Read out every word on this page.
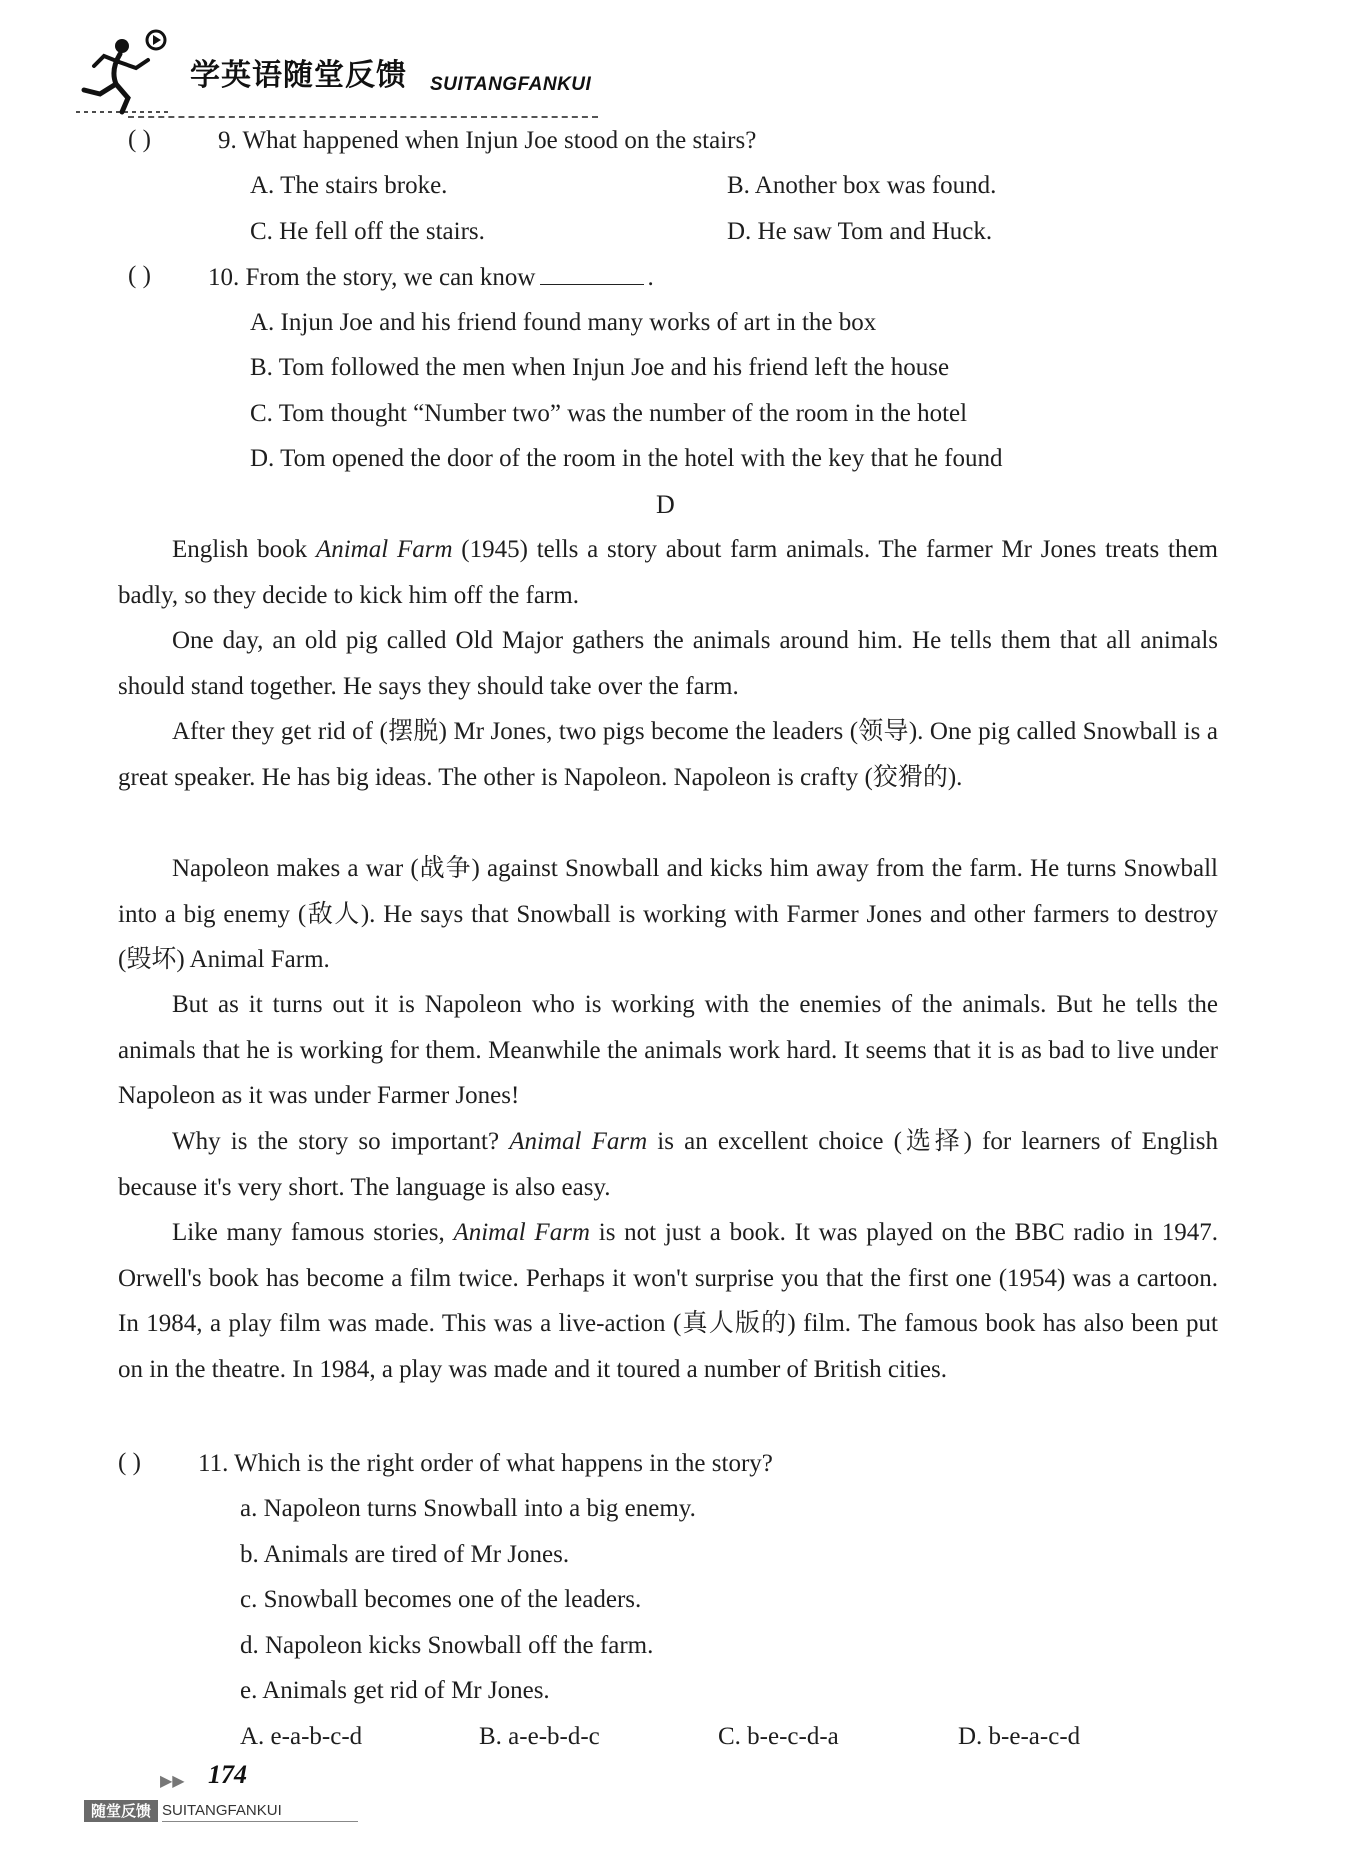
学英语随堂反馈 SUITANGFANKUI
( )	9. What happened when Injun Joe stood on the stairs?
A. The stairs broke.	B. Another box was found.
C. He fell off the stairs.	D. He saw Tom and Huck.
( ) 10. From the story, we can know	.
A. Injun Joe and his friend found many works of art in the box
B. Tom followed the men when Injun Joe and his friend left the house
C. Tom thought “Number two” was the number of the room in the hotel
D. Tom opened the door of the room in the hotel with the key that he found
D
English book Animal Farm (1945) tells a story about farm animals. The farmer Mr Jones treats them badly, so they decide to kick him off the farm.
One day, an old pig called Old Major gathers the animals around him. He tells them that all animals should stand together. He says they should take over the farm.
After they get rid of (摆脱) Mr Jones, two pigs become the leaders (领导). One pig called Snowball is a great speaker. He has big ideas. The other is Napoleon. Napoleon is crafty (狡猾的).
Napoleon makes a war (战争) against Snowball and kicks him away from the farm. He turns Snowball into a big enemy (敌人). He says that Snowball is working with Farmer Jones and other farmers to destroy (毁坏) Animal Farm.
But as it turns out it is Napoleon who is working with the enemies of the animals. But he tells the animals that he is working for them. Meanwhile the animals work hard. It seems that it is as bad to live under Napoleon as it was under Farmer Jones!
Why is the story so important? Animal Farm is an excellent choice (选择) for learners of English because it's very short. The language is also easy.
Like many famous stories, Animal Farm is not just a book. It was played on the BBC radio in 1947. Orwell's book has become a film twice. Perhaps it won't surprise you that the first one (1954) was a cartoon. In 1984, a play film was made. This was a live-action (真人版的) film. The famous book has also been put on in the theatre. In 1984, a play was made and it toured a number of British cities.
( ) 11. Which is the right order of what happens in the story?
a. Napoleon turns Snowball into a big enemy.
b. Animals are tired of Mr Jones.
c. Snowball becomes one of the leaders.
d. Napoleon kicks Snowball off the farm.
e. Animals get rid of Mr Jones.
A. e-a-b-c-d	B. a-e-b-d-c	C. b-e-c-d-a	D. b-e-a-c-d
▶▶ 174
随堂反馈 SUITANGFANKUI
